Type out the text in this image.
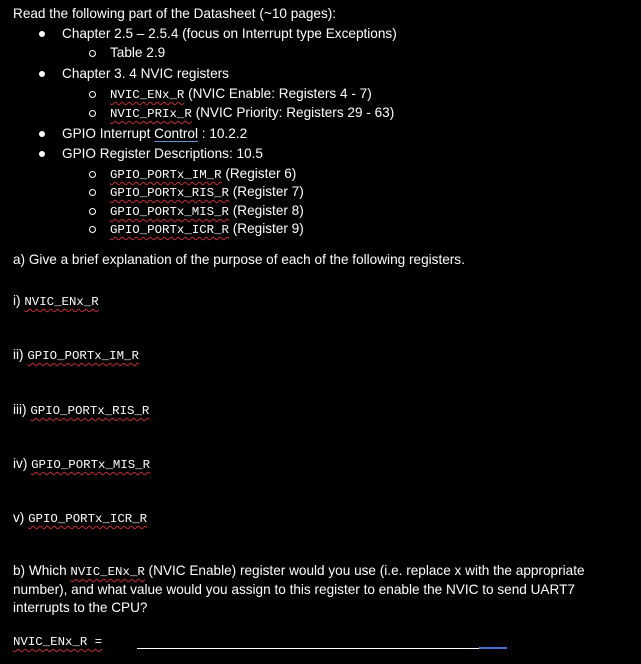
Read the following part of the Datasheet (~10 pages):
Chapter 2.5 – 2.5.4 (focus on Interrupt type Exceptions)
Table 2.9
Chapter 3. 4 NVIC registers
NVIC_ENx_R (NVIC Enable: Registers 4 - 7)
NVIC_PRIx_R (NVIC Priority: Registers 29 - 63)
GPIO Interrupt Control : 10.2.2
GPIO Register Descriptions: 10.5
GPIO_PORTx_IM_R (Register 6)
GPIO_PORTx_RIS_R (Register 7)
GPIO_PORTx_MIS_R (Register 8)
GPIO_PORTx_ICR_R (Register 9)
a) Give a brief explanation of the purpose of each of the following registers.
i) NVIC_ENx_R
ii) GPIO_PORTx_IM_R
iii) GPIO_PORTx_RIS_R
iv) GPIO_PORTx_MIS_R
v) GPIO_PORTx_ICR_R
b) Which NVIC_ENx_R (NVIC Enable) register would you use (i.e. replace x with the appropriate number), and what value would you assign to this register to enable the NVIC to send UART7 interrupts to the CPU?
NVIC_ENx_R =
